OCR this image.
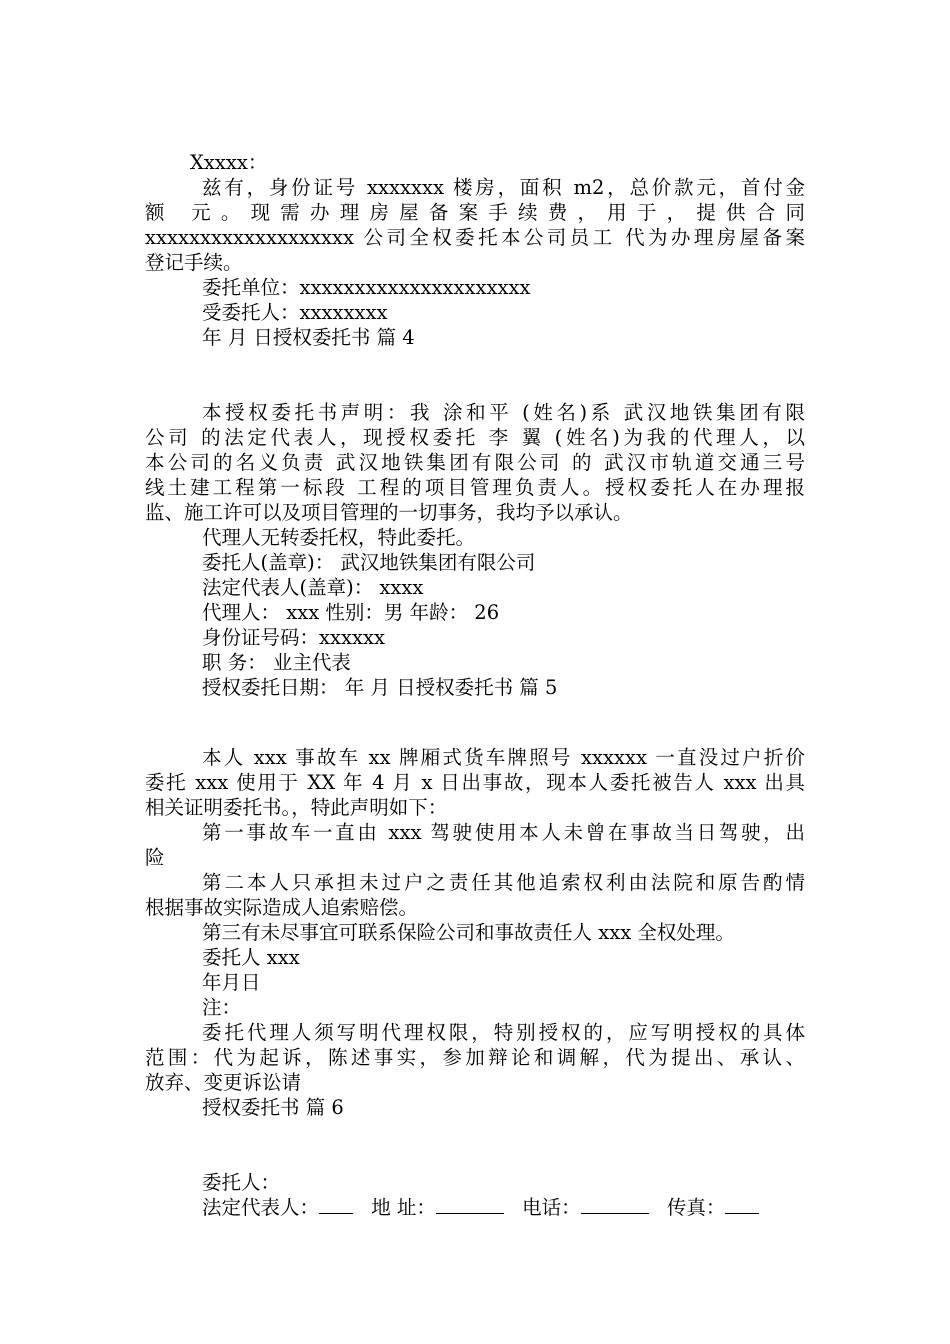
Xxxxx：
兹有，身份证号 xxxxxxx 楼房，面积 m2，总价款元，首付金
额 元。现需办理房屋备案手续费，用于，提供合同
xxxxxxxxxxxxxxxxxxx 公司全权委托本公司员工 代为办理房屋备案
登记手续。
委托单位：xxxxxxxxxxxxxxxxxxxxx
受委托人：xxxxxxxx
年 月 日授权委托书 篇 4
本授权委托书声明：我 涂和平 (姓名)系 武汉地铁集团有限
公司 的法定代表人，现授权委托 李 翼 (姓名)为我的代理人，以
本公司的名义负责 武汉地铁集团有限公司 的 武汉市轨道交通三号
线土建工程第一标段 工程的项目管理负责人。授权委托人在办理报
监、施工许可以及项目管理的一切事务，我均予以承认。
代理人无转委托权，特此委托。
委托人(盖章)： 武汉地铁集团有限公司
法定代表人(盖章)： xxxx
代理人： xxx 性别：男 年龄： 26
身份证号码：xxxxxx
职 务： 业主代表
授权委托日期： 年 月 日授权委托书 篇 5
本人 xxx 事故车 xx 牌厢式货车牌照号 xxxxxx 一直没过户折价
委托 xxx 使用于 XX 年 4 月 x 日出事故，现本人委托被告人 xxx 出具
相关证明委托书。，特此声明如下：
第一事故车一直由 xxx 驾驶使用本人未曾在事故当日驾驶，出
险
第二本人只承担未过户之责任其他追索权利由法院和原告酌情
根据事故实际造成人追索赔偿。
第三有未尽事宜可联系保险公司和事故责任人 xxx 全权处理。
委托人 xxx
年月日
注：
委托代理人须写明代理权限，特别授权的，应写明授权的具体
范围：代为起诉，陈述事实，参加辩论和调解，代为提出、承认、
放弃、变更诉讼请
授权委托书 篇 6
委托人：
法定代表人：	地 址：	电话：	传真：
